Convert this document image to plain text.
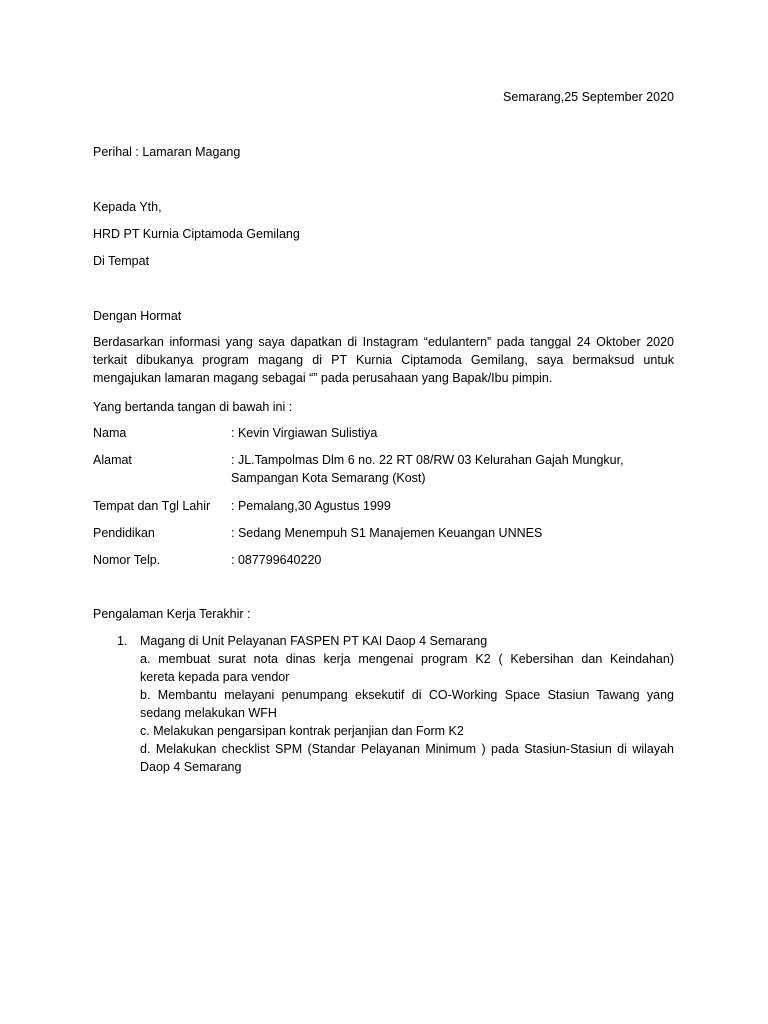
Semarang,25 September 2020
Perihal : Lamaran Magang
Kepada Yth,
HRD PT Kurnia Ciptamoda Gemilang
Di Tempat
Dengan Hormat
Berdasarkan informasi yang saya dapatkan di Instagram “edulantern” pada tanggal 24 Oktober 2020
terkait dibukanya program magang di PT Kurnia Ciptamoda Gemilang, saya bermaksud untuk
mengajukan lamaran magang sebagai “” pada perusahaan yang Bapak/Ibu pimpin.
Yang bertanda tangan di bawah ini :
Nama	: Kevin Virgiawan Sulistiya
Alamat	: JL.Tampolmas Dlm 6 no. 22 RT 08/RW 03 Kelurahan Gajah Mungkur,
Sampangan Kota Semarang (Kost)
Tempat dan Tgl Lahir : Pemalang,30 Agustus 1999
Pendidikan	: Sedang Menempuh S1 Manajemen Keuangan UNNES
Nomor Telp.	: 087799640220
Pengalaman Kerja Terakhir :
1. Magang di Unit Pelayanan FASPEN PT KAI Daop 4 Semarang
a. membuat surat nota dinas kerja mengenai program K2 ( Kebersihan dan Keindahan)
kereta kepada para vendor
b. Membantu melayani penumpang eksekutif di CO-Working Space Stasiun Tawang yang
sedang melakukan WFH
c. Melakukan pengarsipan kontrak perjanjian dan Form K2
d. Melakukan checklist SPM (Standar Pelayanan Minimum ) pada Stasiun-Stasiun di wilayah
Daop 4 Semarang
